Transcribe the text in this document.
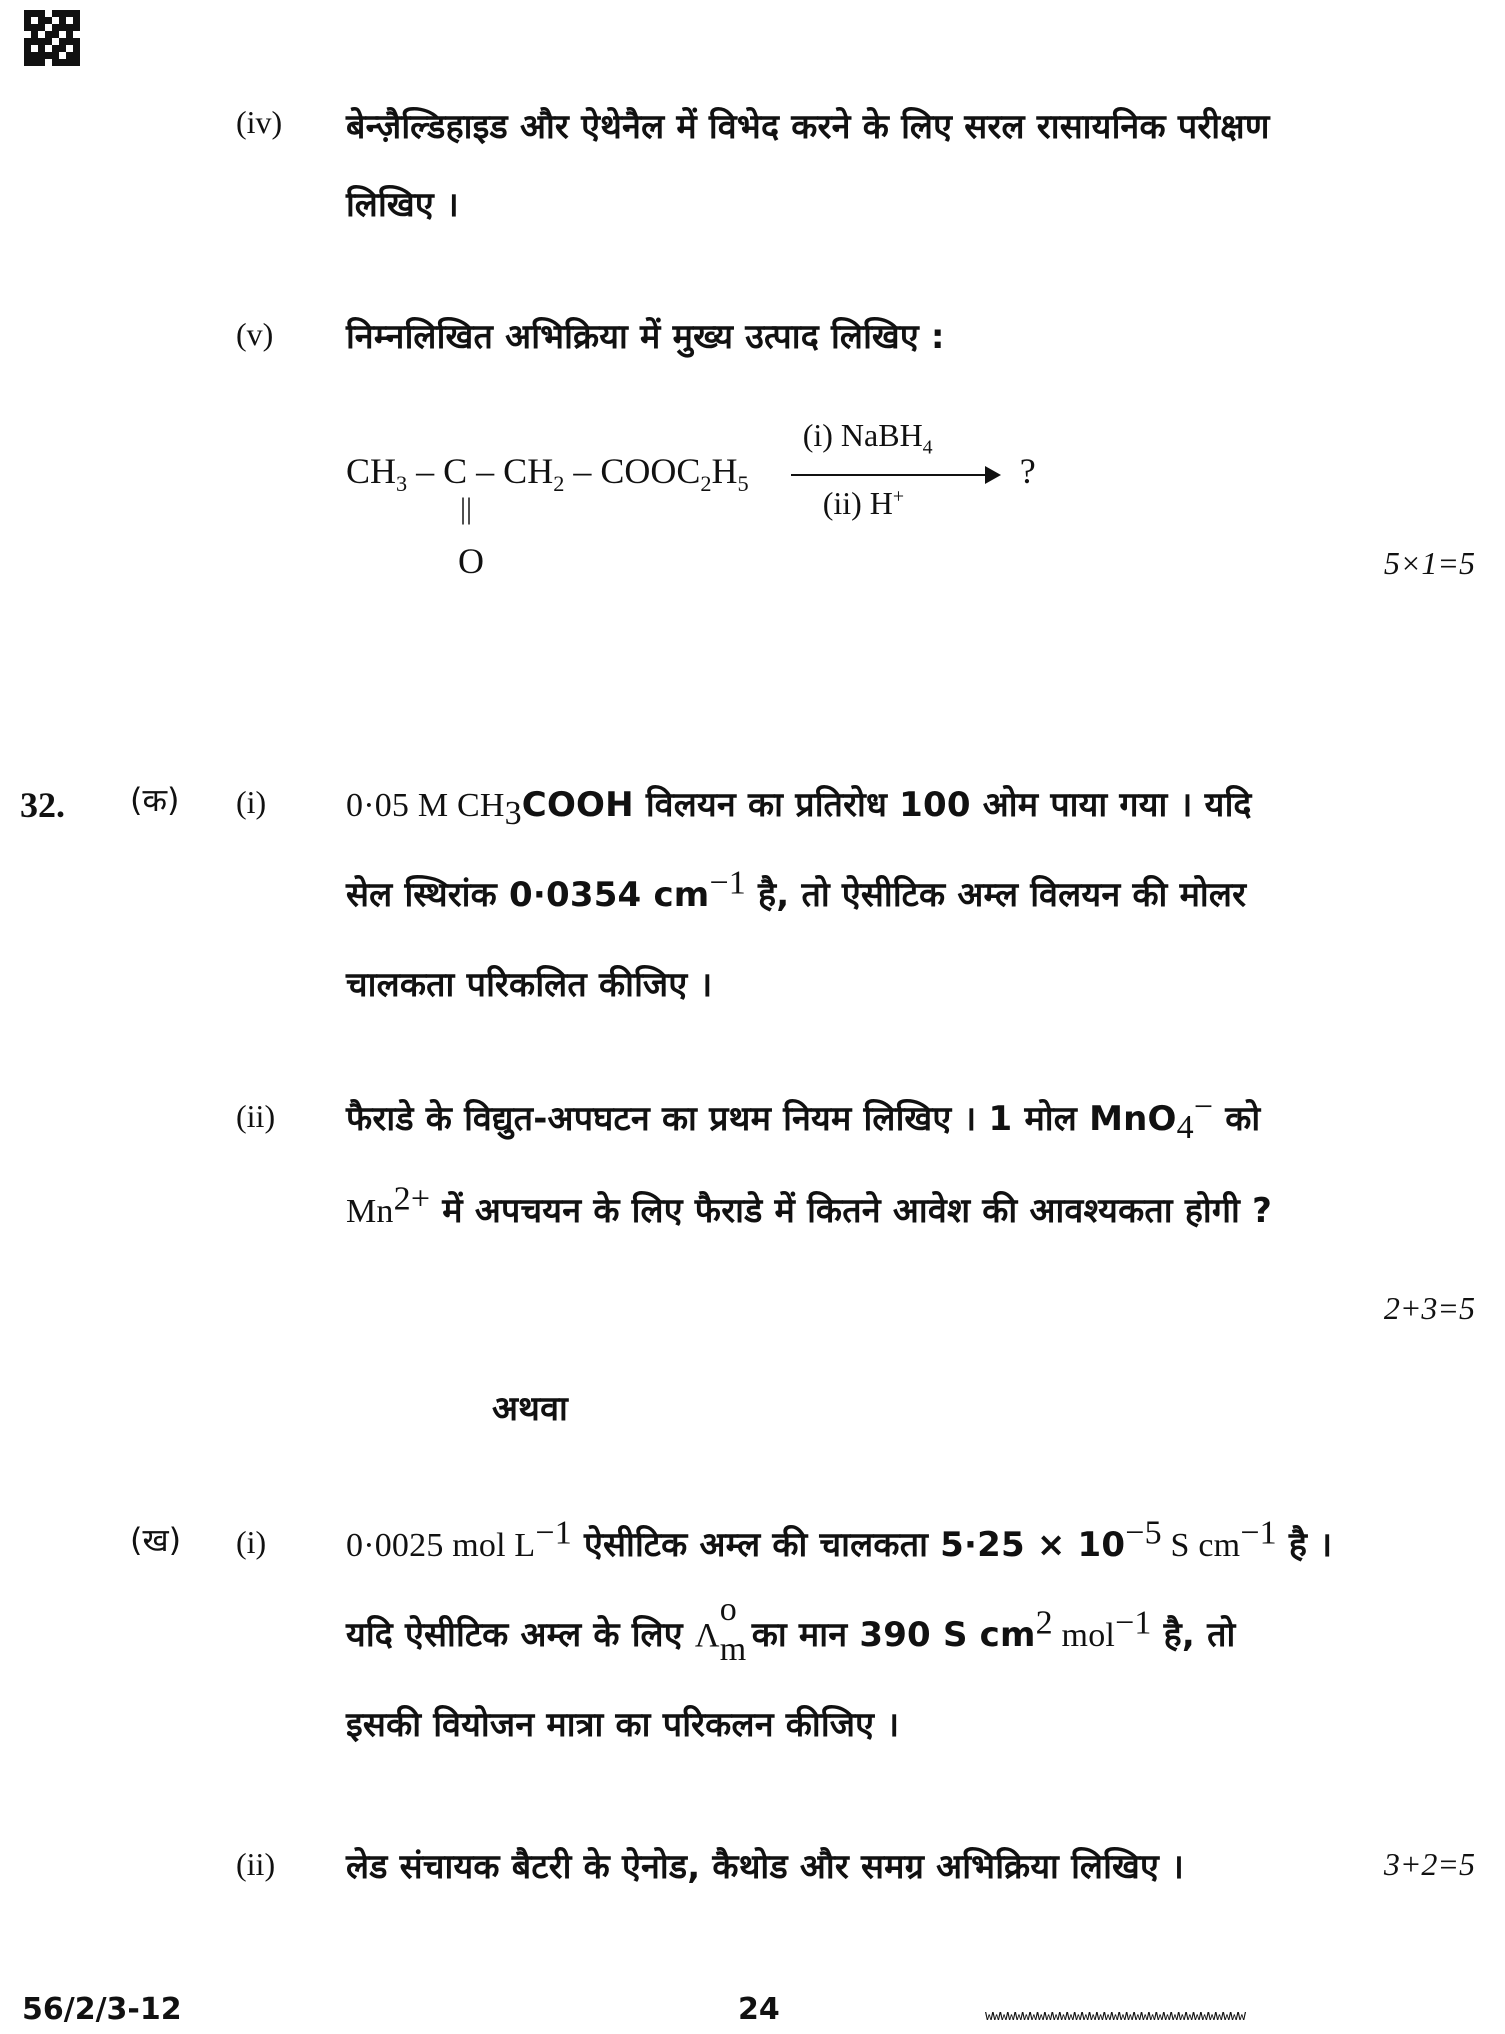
(iv) बेन्ज़ैल्डिहाइड और ऐथेनैल में विभेद करने के लिए सरल रासायनिक परीक्षण
लिखिए ।
(v) निम्नलिखित अभिक्रिया में मुख्य उत्पाद लिखिए :
$CH_3$ – C – $CH_2$ – $COOC_2H_5$
(i) NaBH$_4$
(ii) H+
?
||
O	5×1=5
32. (क) (i) 0·05 M $CH_3COOH$ विलयन का प्रतिरोध 100 ओम पाया गया । यदि
सेल स्थिरांक 0·0354 $cm^{-1}$ है, तो ऐसीटिक अम्ल विलयन की मोलर
चालकता परिकलित कीजिए ।
(ii) फैराडे के विद्युत-अपघटन का प्रथम नियम लिखिए । 1 मोल MnO$_4$− को
$Mn^{2+}$ में अपचयन के लिए फैराडे में कितने आवेश की आवश्यकता होगी ?
2+3=5
अथवा
(ख) (i) 0·0025 mol $L^{-1}$ ऐसीटिक अम्ल की चालकता $5\cdot 25 \times 10^{-5}$ S $cm^{-1}$ है ।
यदि ऐसीटिक अम्ल के लिए Λ
o
m
का मान 390 S $cm^2$ mol$^{-1}$ है, तो
इसकी वियोजन मात्रा का परिकलन कीजिए ।
(ii) लेड संचायक बैटरी के ऐनोड, कैथोड और समग्र अभिक्रिया लिखिए ।	3+2=5
56/2/3-12	24	wwwwwwwwwwwwwwwwwwwwwwwwwwwwwwwwwww
